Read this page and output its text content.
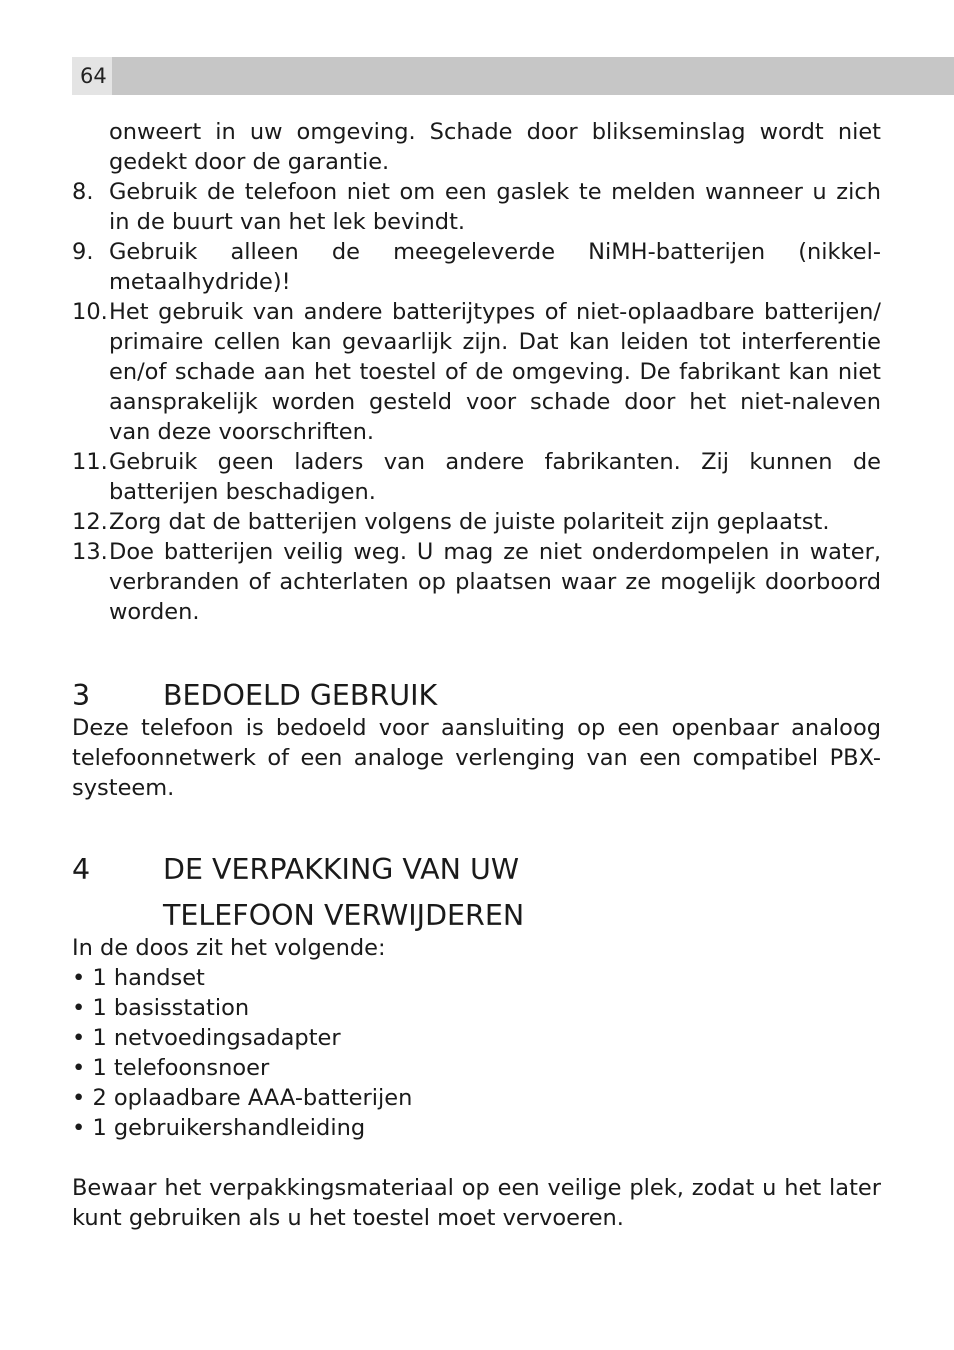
64
onweert in uw omgeving. Schade door blikseminslag wordt niet gedekt door de garantie.
8. Gebruik de telefoon niet om een gaslek te melden wanneer u zich in de buurt van het lek bevindt.
9. Gebruik alleen de meegeleverde NiMH-batterijen (nikkel-metaalhydride)!
10. Het gebruik van andere batterijtypes of niet-oplaadbare batterijen/ primaire cellen kan gevaarlijk zijn. Dat kan leiden tot interferentie en/of schade aan het toestel of de omgeving. De fabrikant kan niet aansprakelijk worden gesteld voor schade door het niet-naleven van deze voorschriften.
11. Gebruik geen laders van andere fabrikanten. Zij kunnen de batterijen beschadigen.
12. Zorg dat de batterijen volgens de juiste polariteit zijn geplaatst.
13. Doe batterijen veilig weg. U mag ze niet onderdompelen in water, verbranden of achterlaten op plaatsen waar ze mogelijk doorboord worden.
3	BEDOELD GEBRUIK
Deze telefoon is bedoeld voor aansluiting op een openbaar analoog telefoonnetwerk of een analoge verlenging van een compatibel PBX-systeem.
4	DE VERPAKKING VAN UW
TELEFOON VERWIJDEREN
In de doos zit het volgende:
• 1 handset
• 1 basisstation
• 1 netvoedingsadapter
• 1 telefoonsnoer
• 2 oplaadbare AAA-batterijen
• 1 gebruikershandleiding
Bewaar het verpakkingsmateriaal op een veilige plek, zodat u het later kunt gebruiken als u het toestel moet vervoeren.
